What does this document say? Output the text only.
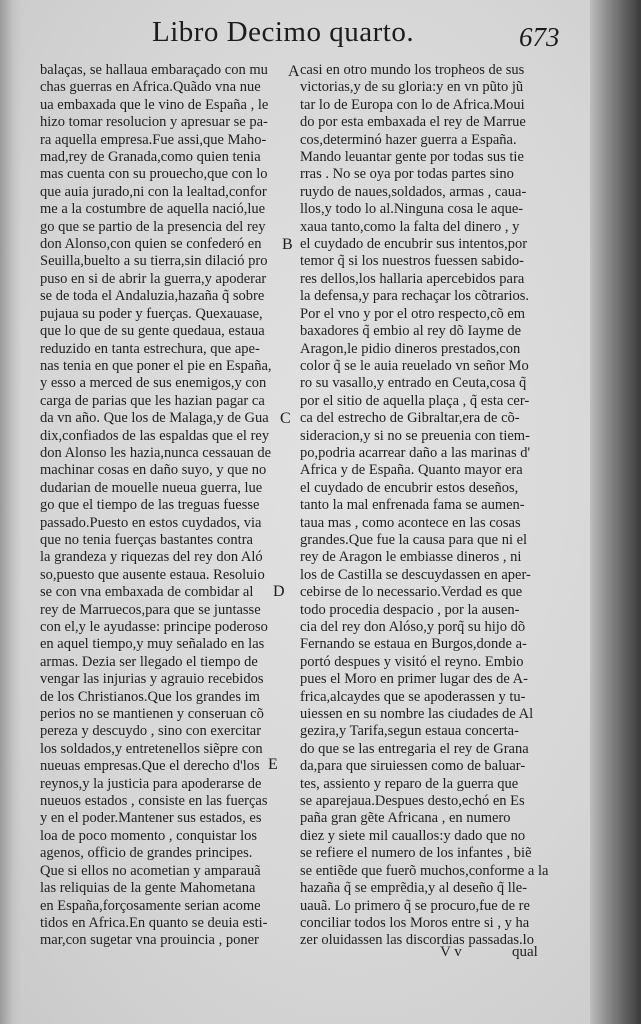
Libro Decimo quarto.	673
balaças, se hallaua embaraçado con mu
chas guerras en Africa.Quãdo vna nue
ua embaxada que le vino de España , le
hizo tomar resolucion y apresuar se pa-
ra aquella empresa.Fue assi,que Maho-
mad,rey de Granada,como quien tenia
mas cuenta con su prouecho,que con lo
que auia jurado,ni con la lealtad,confor
me a la costumbre de aquella nació,lue
go que se partio de la presencia del rey
don Alonso,con quien se confederó en
Seuilla,buelto a su tierra,sin dilació pro
puso en si de abrir la guerra,y apoderar
se de toda el Andaluzia,hazaña q̃ sobre
pujaua su poder y fuerças. Quexauase,
que lo que de su gente quedaua, estaua
reduzido en tanta estrechura, que ape-
nas tenia en que poner el pie en España,
y esso a merced de sus enemigos,y con
carga de parias que les hazian pagar ca
da vn año. Que los de Malaga,y de Gua
dix,confiados de las espaldas que el rey
don Alonso les hazia,nunca cessauan de
machinar cosas en daño suyo, y que no
dudarian de mouelle nueua guerra, lue
go que el tiempo de las treguas fuesse
passado.Puesto en estos cuydados, via
que no tenia fuerças bastantes contra
la grandeza y riquezas del rey don Aló
so,puesto que ausente estaua. Resoluio
se con vna embaxada de combidar al
rey de Marruecos,para que se juntasse
con el,y le ayudasse: principe poderoso
en aquel tiempo,y muy señalado en las
armas. Dezia ser llegado el tiempo de
vengar las injurias y agrauio recebidos
de los Christianos.Que los grandes im
perios no se mantienen y conseruan cõ
pereza y descuydo , sino con exercitar
los soldados,y entretenellos siẽpre con
nueuas empresas.Que el derecho d'los
reynos,y la justicia para apoderarse de
nueuos estados , consiste en las fuerças
y en el poder.Mantener sus estados, es
loa de poco momento , conquistar los
agenos, officio de grandes principes.
Que si ellos no acometian y amparauã
las reliquias de la gente Mahometana
en España,forçosamente serian acome
tidos en Africa.En quanto se deuia esti-
mar,con sugetar vna prouincia , poner
casi en otro mundo los tropheos de sus
victorias,y de su gloria:y en vn pũto jũ
tar lo de Europa con lo de Africa.Moui
do por esta embaxada el rey de Marrue
cos,determinó hazer guerra a España.
Mando leuantar gente por todas sus tie
rras . No se oya por todas partes sino
ruydo de naues,soldados, armas , caua-
llos,y todo lo al.Ninguna cosa le aque-
xaua tanto,como la falta del dinero , y
el cuydado de encubrir sus intentos,por
temor q̃ si los nuestros fuessen sabido-
res dellos,los hallaria apercebidos para
la defensa,y para rechaçar los cõtrarios.
Por el vno y por el otro respecto,cõ em
baxadores q̃ embio al rey dõ Iayme de
Aragon,le pidio dineros prestados,con
color q̃ se le auia reuelado vn señor Mo
ro su vasallo,y entrado en Ceuta,cosa q̃
por el sitio de aquella plaça , q̃ esta cer-
ca del estrecho de Gibraltar,era de cõ-
sideracion,y si no se preuenia con tiem-
po,podria acarrear daño a las marinas d'
Africa y de España. Quanto mayor era
el cuydado de encubrir estos deseños,
tanto la mal enfrenada fama se aumen-
taua mas , como acontece en las cosas
grandes.Que fue la causa para que ni el
rey de Aragon le embiasse dineros , ni
los de Castilla se descuydassen en aper-
cebirse de lo necessario.Verdad es que
todo procedia despacio , por la ausen-
cia del rey don Alóso,y porq̃ su hijo dõ
Fernando se estaua en Burgos,donde a-
portó despues y visitó el reyno. Embio
pues el Moro en primer lugar des de A-
frica,alcaydes que se apoderassen y tu-
uiessen en su nombre las ciudades de Al
gezira,y Tarifa,segun estaua concerta-
do que se las entregaria el rey de Grana
da,para que siruiessen como de baluar-
tes, assiento y reparo de la guerra que
se aparejaua.Despues desto,echó en Es
paña gran gẽte Africana , en numero
diez y siete mil cauallos:y dado que no
se refiere el numero de los infantes , biẽ
se entiẽde que fuerõ muchos,conforme a la
hazaña q̃ se emprẽdia,y al deseño q̃ lle-
uauã. Lo primero q̃ se procuro,fue de re
conciliar todos los Moros entre si , y ha
zer oluidassen las discordias passadas.lo
A
B
C
D
E
V v	qual
